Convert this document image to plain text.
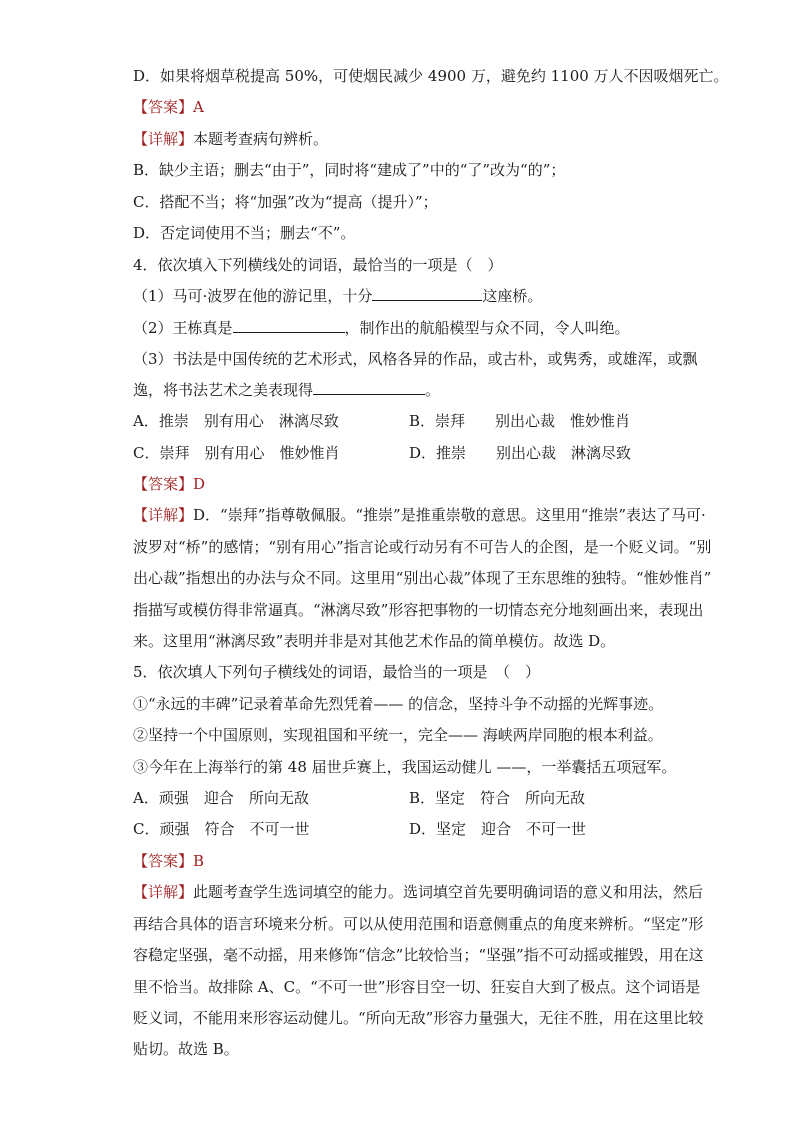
D．如果将烟草税提高 50%，可使烟民减少 4900 万，避免约 1100 万人不因吸烟死亡。
【答案】A
【详解】本题考查病句辨析。
B．缺少主语；删去“由于”，同时将“建成了”中的“了”改为“的”；
C．搭配不当；将“加强”改为“提高（提升）”；
D．否定词使用不当；删去“不”。
4．依次填入下列横线处的词语，最恰当的一项是（　）
（1）马可·波罗在他的游记里，十分	这座桥。
（2）王栋真是	，制作出的航船模型与众不同，令人叫绝。
（3）书法是中国传统的艺术形式，风格各异的作品，或古朴，或隽秀，或雄浑，或飘
逸，将书法艺术之美表现得	。
A．推崇　别有用心　淋漓尽致	B．崇拜　　别出心裁　惟妙惟肖
C．崇拜　别有用心　惟妙惟肖	D．推崇　　别出心裁　淋漓尽致
【答案】D
【详解】D．“崇拜”指尊敬佩服。“推崇”是推重崇敬的意思。这里用“推崇”表达了马可·
波罗对“桥”的感情；“别有用心”指言论或行动另有不可告人的企图，是一个贬义词。“别
出心裁”指想出的办法与众不同。这里用“别出心裁”体现了王东思维的独特。“惟妙惟肖”
指描写或模仿得非常逼真。“淋漓尽致”形容把事物的一切情态充分地刻画出来，表现出
来。这里用“淋漓尽致”表明并非是对其他艺术作品的简单模仿。故选 D。
5．依次填人下列句子横线处的词语，最恰当的一项是　（　）
①“永远的丰碑”记录着革命先烈凭着—— 的信念，坚持斗争不动摇的光辉事迹。
②坚持一个中国原则，实现祖国和平统一，完全—— 海峡两岸同胞的根本利益。
③今年在上海举行的第 48 届世乒赛上，我国运动健儿 ——，一举囊括五项冠军。
A．顽强　迎合　所向无敌	B．坚定　符合　所向无敌
C．顽强　符合　不可一世	D．坚定　迎合　不可一世
【答案】B
【详解】此题考查学生选词填空的能力。选词填空首先要明确词语的意义和用法，然后
再结合具体的语言环境来分析。可以从使用范围和语意侧重点的角度来辨析。“坚定”形
容稳定坚强，毫不动摇，用来修饰“信念”比较恰当；“坚强”指不可动摇或摧毁，用在这
里不恰当。故排除 A、C。“不可一世”形容目空一切、狂妄自大到了极点。这个词语是
贬义词，不能用来形容运动健儿。“所向无敌”形容力量强大，无往不胜，用在这里比较
贴切。故选 B。
